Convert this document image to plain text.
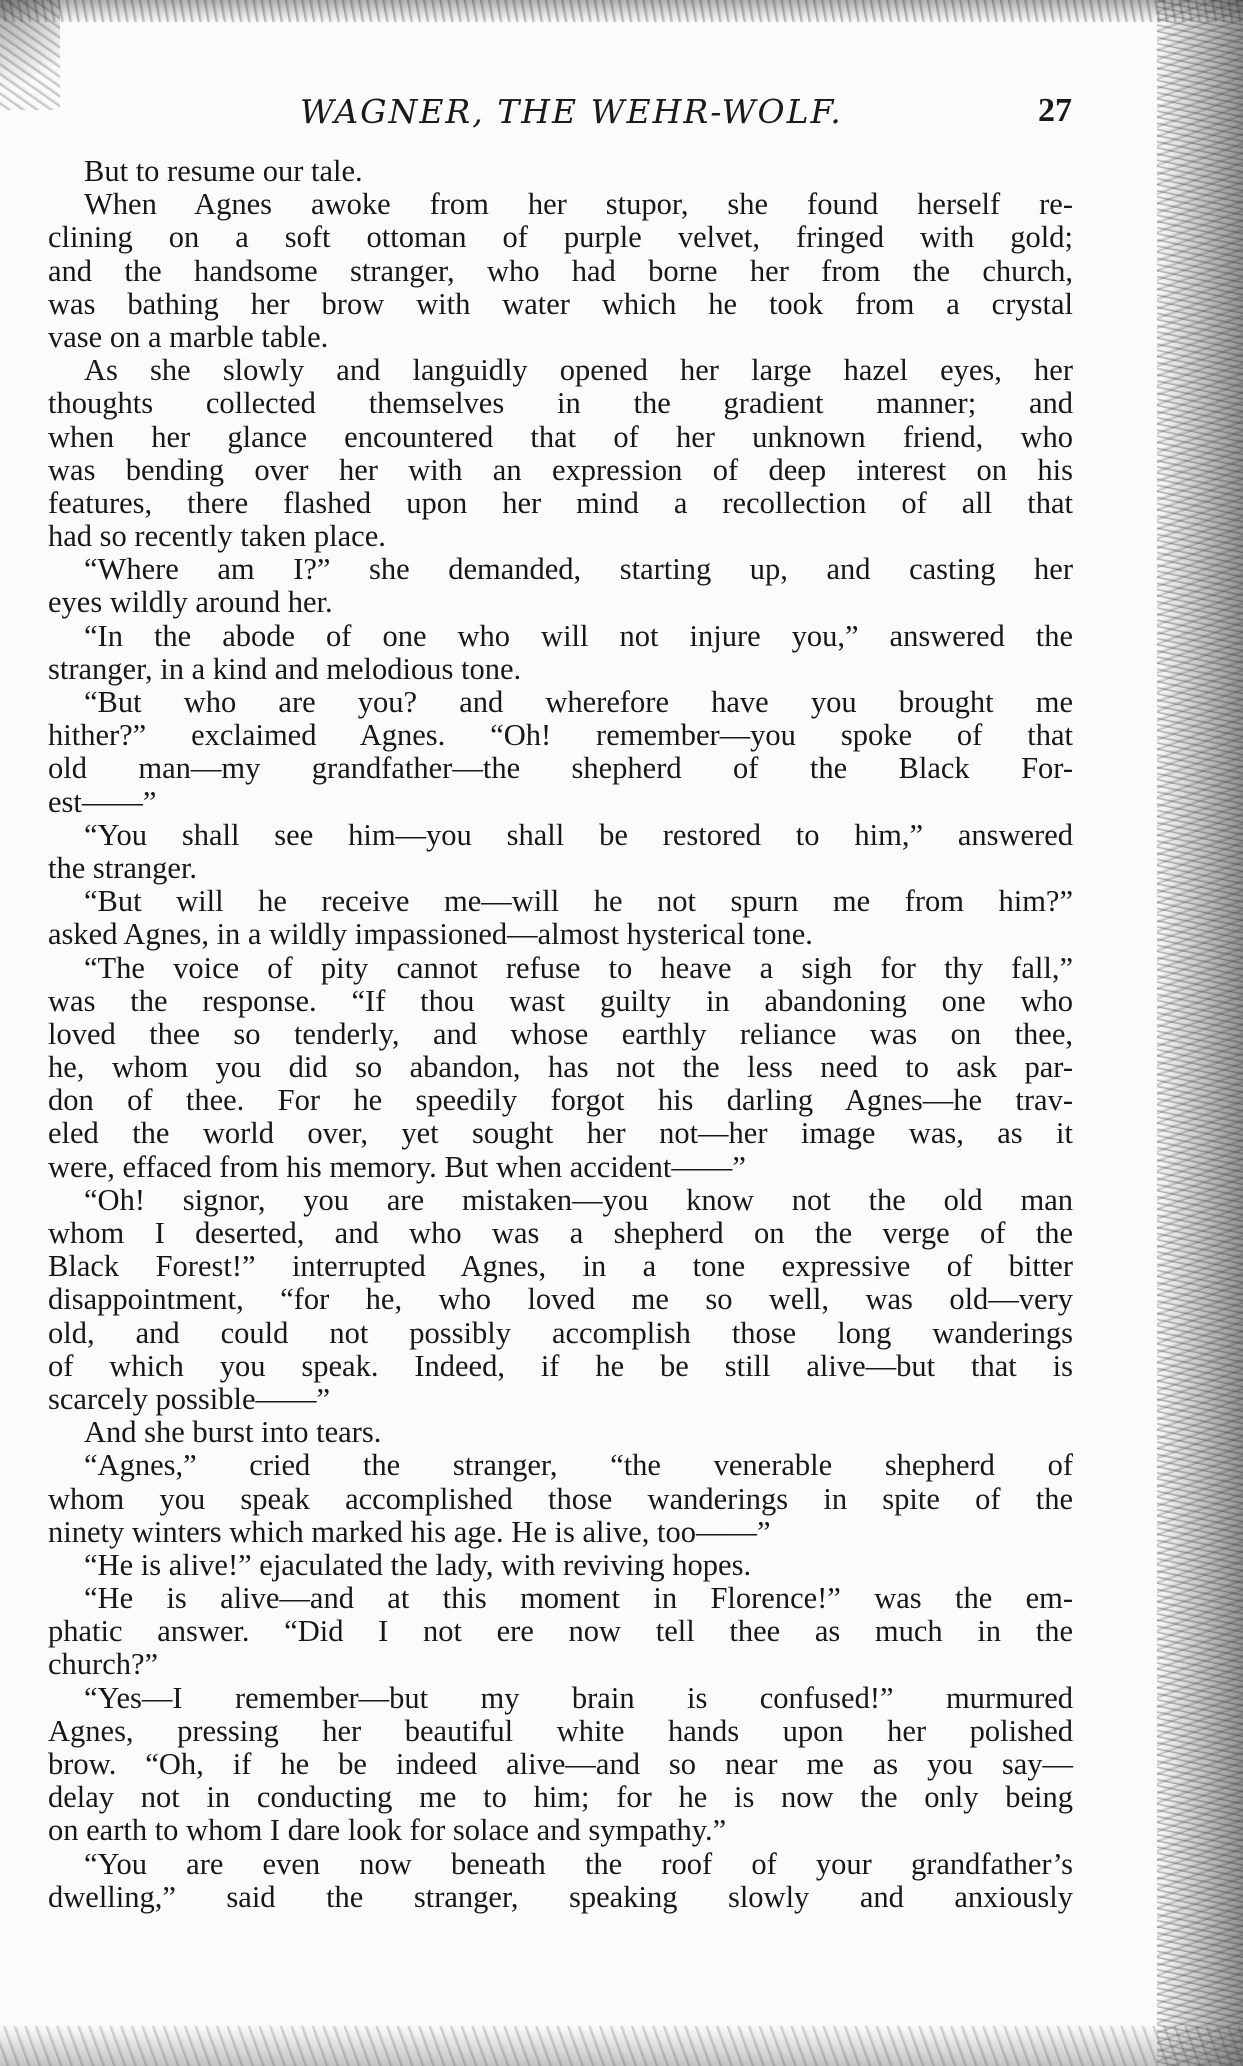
WAGNER, THE WEHR-WOLF.	27
But to resume our tale.
When Agnes awoke from her stupor, she found herself re-
clining on a soft ottoman of purple velvet, fringed with gold;
and the handsome stranger, who had borne her from the church,
was bathing her brow with water which he took from a crystal
vase on a marble table.
As she slowly and languidly opened her large hazel eyes, her
thoughts collected themselves in the gradient manner; and
when her glance encountered that of her unknown friend, who
was bending over her with an expression of deep interest on his
features, there flashed upon her mind a recollection of all that
had so recently taken place.
“Where am I?” she demanded, starting up, and casting her
eyes wildly around her.
“In the abode of one who will not injure you,” answered the
stranger, in a kind and melodious tone.
“But who are you? and wherefore have you brought me
hither?” exclaimed Agnes. “Oh! remember—you spoke of that
old man—my grandfather—the shepherd of the Black For-
est——”
“You shall see him—you shall be restored to him,” answered
the stranger.
“But will he receive me—will he not spurn me from him?”
asked Agnes, in a wildly impassioned—almost hysterical tone.
“The voice of pity cannot refuse to heave a sigh for thy fall,”
was the response. “If thou wast guilty in abandoning one who
loved thee so tenderly, and whose earthly reliance was on thee,
he, whom you did so abandon, has not the less need to ask par-
don of thee. For he speedily forgot his darling Agnes—he trav-
eled the world over, yet sought her not—her image was, as it
were, effaced from his memory. But when accident——”
“Oh! signor, you are mistaken—you know not the old man
whom I deserted, and who was a shepherd on the verge of the
Black Forest!” interrupted Agnes, in a tone expressive of bitter
disappointment, “for he, who loved me so well, was old—very
old, and could not possibly accomplish those long wanderings
of which you speak. Indeed, if he be still alive—but that is
scarcely possible——”
And she burst into tears.
“Agnes,” cried the stranger, “the venerable shepherd of
whom you speak accomplished those wanderings in spite of the
ninety winters which marked his age. He is alive, too——”
“He is alive!” ejaculated the lady, with reviving hopes.
“He is alive—and at this moment in Florence!” was the em-
phatic answer. “Did I not ere now tell thee as much in the
church?”
“Yes—I remember—but my brain is confused!” murmured
Agnes, pressing her beautiful white hands upon her polished
brow. “Oh, if he be indeed alive—and so near me as you say—
delay not in conducting me to him; for he is now the only being
on earth to whom I dare look for solace and sympathy.”
“You are even now beneath the roof of your grandfather’s
dwelling,” said the stranger, speaking slowly and anxiously
